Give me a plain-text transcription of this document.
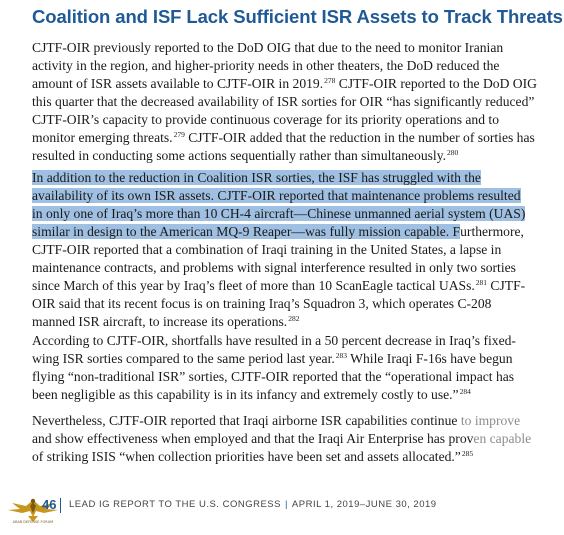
Coalition and ISF Lack Sufficient ISR Assets to Track Threats

CJTF-OIR previously reported to the DoD OIG that due to the need to monitor Iranian
activity in the region, and higher-priority needs in other theaters, the DoD reduced the
amount of ISR assets available to CJTF-OIR in 2019.$^{278}$ CJTF-OIR reported to the DoD OIG
this quarter that the decreased availability of ISR sorties for OIR “has significantly reduced”
CJTF-OIR’s capacity to provide continuous coverage for its priority operations and to
monitor emerging threats.$^{279}$ CJTF-OIR added that the reduction in the number of sorties has
resulted in conducting some actions sequentially rather than simultaneously.$^{280}$

In addition to the reduction in Coalition ISR sorties, the ISF has struggled with the
availability of its own ISR assets. CJTF-OIR reported that maintenance problems resulted
in only one of Iraq’s more than 10 CH-4 aircraft—Chinese unmanned aerial system (UAS)
similar in design to the American MQ-9 Reaper—was fully mission capable. Furthermore,
CJTF-OIR reported that a combination of Iraqi training in the United States, a lapse in
maintenance contracts, and problems with signal interference resulted in only two sorties
since March of this year by Iraq’s fleet of more than 10 ScanEagle tactical UASs.$^{281}$ CJTF-
OIR said that its recent focus is on training Iraq’s Squadron 3, which operates C-208
manned ISR aircraft, to increase its operations.$^{282}$

According to CJTF-OIR, shortfalls have resulted in a 50 percent decrease in Iraq’s fixed-
wing ISR sorties compared to the same period last year.$^{283}$ While Iraqi F-16s have begun
flying “non-traditional ISR” sorties, CJTF-OIR reported that the “operational impact has
been negligible as this capability is in its infancy and extremely costly to use.”$^{284}$

Nevertheless, CJTF-OIR reported that Iraqi airborne ISR capabilities continue to improve
and show effectiveness when employed and that the Iraqi Air Enterprise has proven capable
of striking ISIS “when collection priorities have been set and assets allocated.”$^{285}$

ARAB DEFENSE FORUM
46 LEAD IG REPORT TO THE U.S. CONGRESS | APRIL 1, 2019–JUNE 30, 2019
